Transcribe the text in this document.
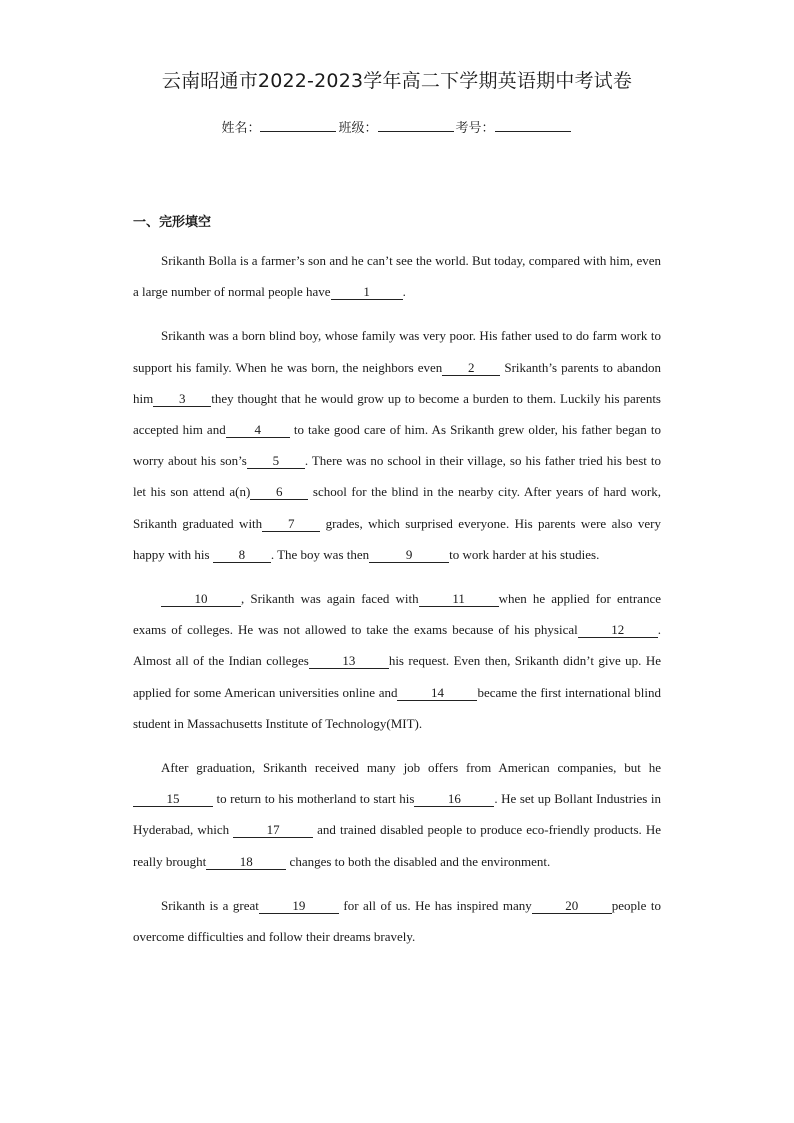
云南昭通市2022-2023学年高二下学期英语期中考试卷
姓名：	班级：	考号：
一、完形填空

Srikanth Bolla is a farmer’s son and he can’t see the world. But today, compared with him, even a large number of normal people have	1	.

Srikanth was a born blind boy, whose family was very poor. His father used to do farm work to support his family. When he was born, the neighbors even 2 Srikanth’s parents to abandon him 3 they thought that he would grow up to become a burden to them. Luckily his parents accepted him and 4 to take good care of him. As Srikanth grew older, his father began to worry about his son’s 5 . There was no school in their village, so his father tried his best to let his son attend a(n) 6 school for the blind in the nearby city. After years of hard work, Srikanth graduated with 7 grades, which surprised everyone. His parents were also very happy with his 8 . The boy was then	9	to work harder at his studies.

10	, Srikanth was again faced with	11	when he applied for entrance exams of colleges. He was not allowed to take the exams because of his physical	12	. Almost all of the Indian colleges	13	his request. Even then, Srikanth didn’t give up. He applied for some American universities online and	14	became the first international blind student in Massachusetts Institute of Technology(MIT).

After graduation, Srikanth received many job offers from American companies, but he15	to return to his motherland to start his	16	. He set up Bollant Industries in Hyderabad, which	17	and trained disabled people to produce eco-friendly products. He really brought	18	changes to both the disabled and the environment.

Srikanth is a great	19	for all of us. He has inspired many	20	people to overcome difficulties and follow their dreams bravely.
